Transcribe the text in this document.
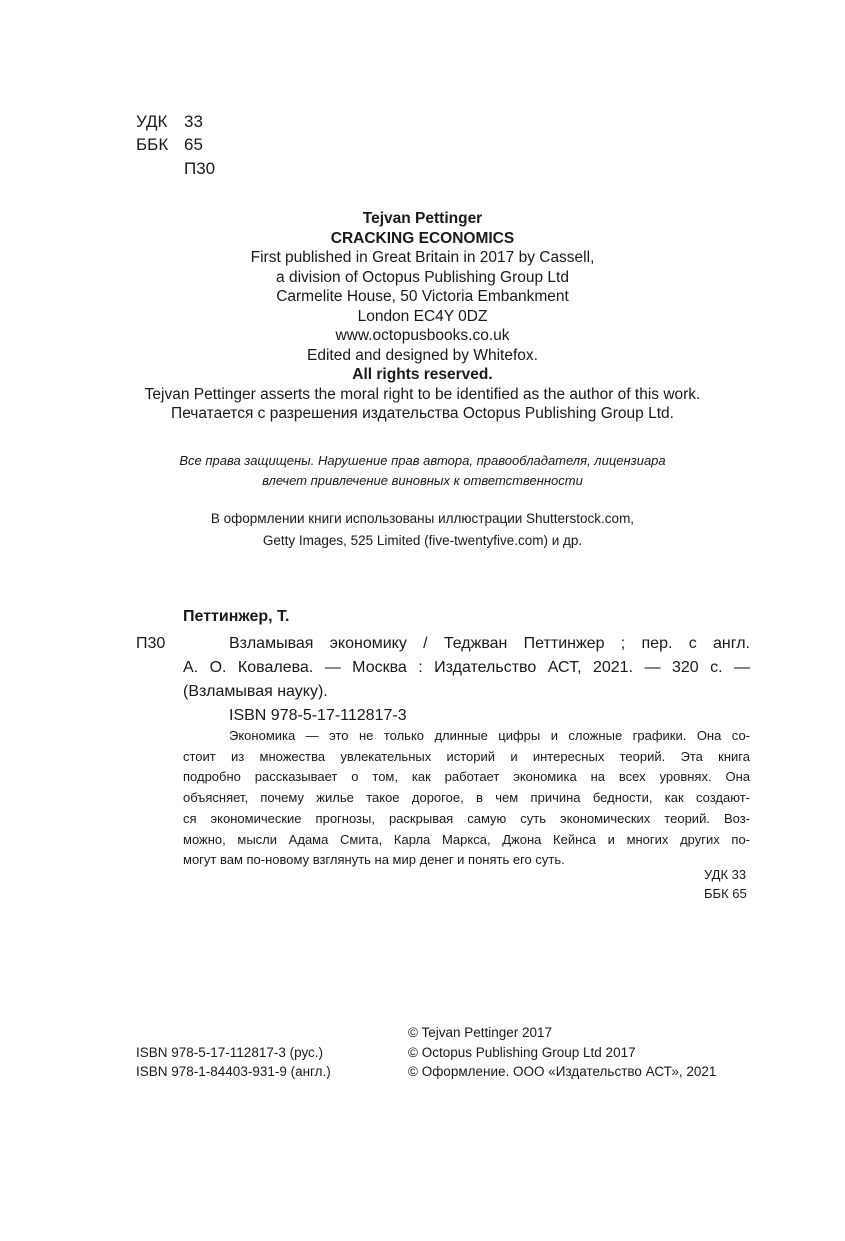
УДК 33
ББК 65
П30
Tejvan Pettinger
CRACKING ECONOMICS
First published in Great Britain in 2017 by Cassell,
a division of Octopus Publishing Group Ltd
Carmelite House, 50 Victoria Embankment
London EC4Y 0DZ
www.octopusbooks.co.uk
Edited and designed by Whitefox.
All rights reserved.
Tejvan Pettinger asserts the moral right to be identified as the author of this work.
Печатается с разрешения издательства Octopus Publishing Group Ltd.
Все права защищены. Нарушение прав автора, правообладателя, лицензиара
влечет привлечение виновных к ответственности
В оформлении книги использованы иллюстрации Shutterstock.com,
Getty Images, 525 Limited (five-twentyfive.com) и др.
Петтинжер, Т.
П30	Взламывая экономику / Теджван Петтинжер ; пер. с англ.
А. О. Ковалева. — Москва : Издательство АСТ, 2021. — 320 с. —
(Взламывая науку).
ISBN 978-5-17-112817-3
Экономика — это не только длинные цифры и сложные графики. Она со-
стоит из множества увлекательных историй и интересных теорий. Эта книга
подробно рассказывает о том, как работает экономика на всех уровнях. Она
объясняет, почему жилье такое дорогое, в чем причина бедности, как создают-
ся экономические прогнозы, раскрывая самую суть экономических теорий. Воз-
можно, мысли Адама Смита, Карла Маркса, Джона Кейнса и многих других по-
могут вам по-новому взглянуть на мир денег и понять его суть.
УДК 33
ББК 65
ISBN 978-5-17-112817-3 (рус.)
ISBN 978-1-84403-931-9 (англ.)
© Tejvan Pettinger 2017
© Octopus Publishing Group Ltd 2017
© Оформление. ООО «Издательство АСТ», 2021
